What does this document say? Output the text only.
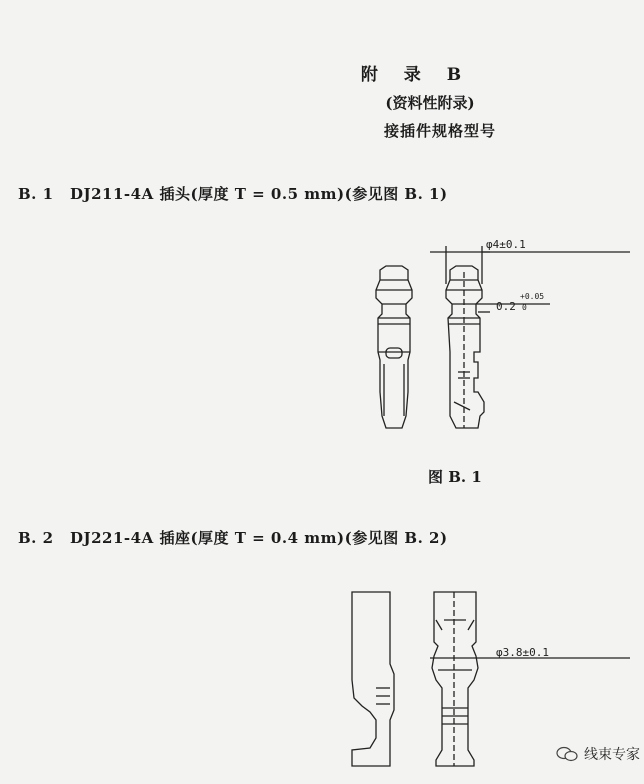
附 录 B
(资料性附录)
接插件规格型号
B. 1 DJ211-4A 插头(厚度 T = 0.5 mm)(参见图 B. 1)
φ4±0.1
0.2
+0.05
0
图 B. 1
B. 2 DJ221-4A 插座(厚度 T = 0.4 mm)(参见图 B. 2)
φ3.8±0.1
线束专家
